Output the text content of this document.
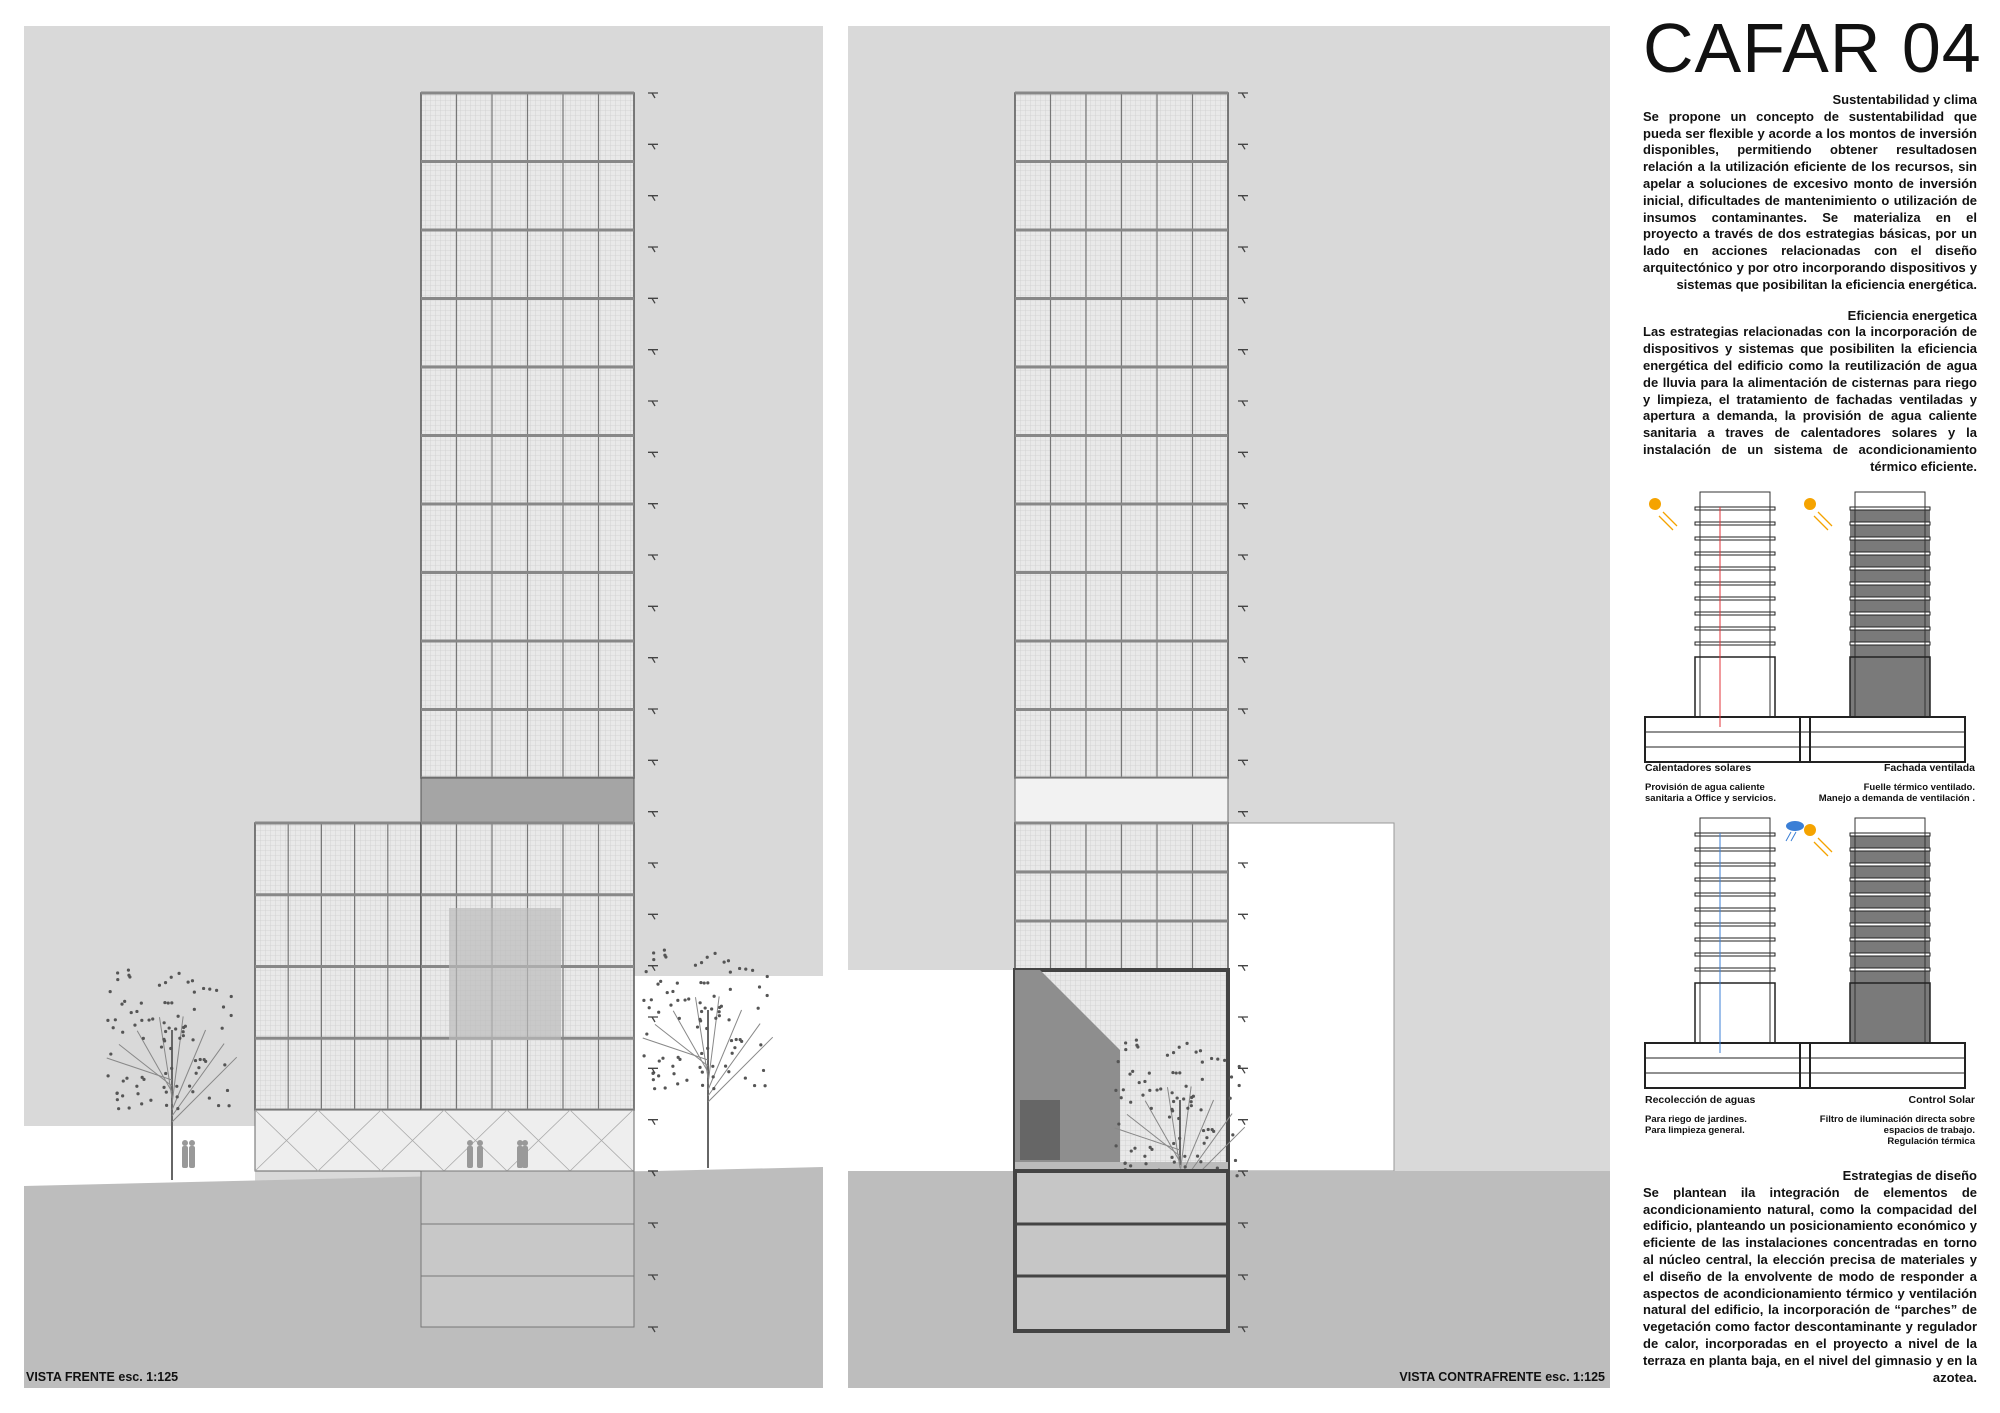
CAFAR 04
Sustentabilidad y clima

Se propone un concepto de sustentabilidad que pueda ser flexible y acorde a los montos de inversión disponibles, permitiendo obtener resultadosen relación a la utilización eficiente de los recursos, sin apelar a soluciones de excesivo monto de inversión inicial, dificultades de mantenimiento o utilización de insumos contaminantes. Se materializa en el proyecto a través de dos estrategias básicas, por un lado en acciones relacionadas con el diseño arquitectónico y por otro incorporando dispositivos y sistemas que posibilitan la eficiencia energética.

Eficiencia energetica

Las estrategias relacionadas con la incorporación de dispositivos y sistemas que posibiliten la eficiencia energética del edificio como la reutilización de agua de lluvia para la alimentación de cisternas para riego y limpieza, el tratamiento de fachadas ventiladas y apertura a demanda, la provisión de agua caliente sanitaria a traves de calentadores solares y la instalación de un sistema de acondicionamiento térmico eficiente.

Estrategias de diseño

Se plantean ila integración de elementos de acondicionamiento natural, como la compacidad del edificio, planteando un posicionamiento económico y eficiente de las instalaciones concentradas en torno al núcleo central, la elección precisa de materiales y el diseño de la envolvente de modo de responder a aspectos de acondicionamiento térmico y ventilación natural del edificio, la incorporación de “parches” de vegetación como factor descontaminante y regulador de calor, incorporadas en el proyecto a nivel de la terraza en planta baja, en el nivel del gimnasio y en la azotea.

Calentadores solares
Provisión de agua caliente
sanitaria a Office y servicios.
Fachada ventilada
Fuelle térmico ventilado.
Manejo a demanda de ventilación .
Recolección de aguas
Para riego de jardines.
Para limpieza general.
Control Solar
Filtro de iluminación directa sobre
espacios de trabajo.
Regulación térmica
VISTA FRENTE esc. 1:125	VISTA CONTRAFRENTE esc. 1:125
